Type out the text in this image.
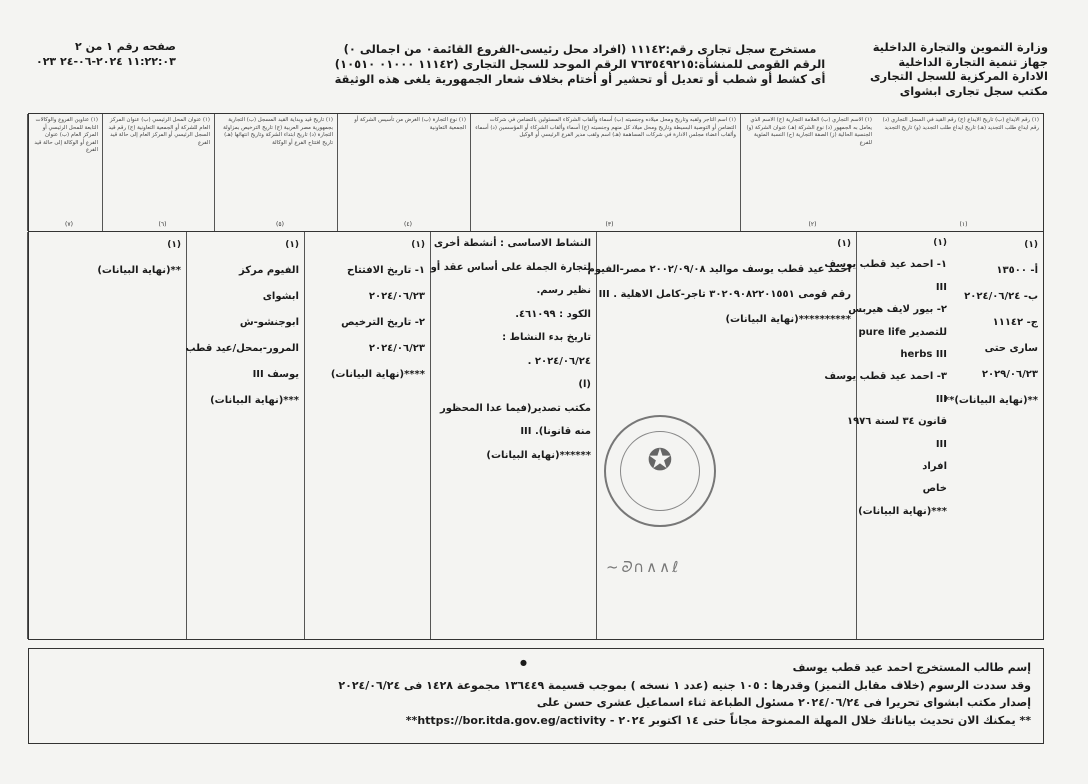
وزارة التموين والتجارة الداخلية
جهاز تنمية التجارة الداخلية
الادارة المركزية للسجل التجارى
مكتب سجل تجارى ابشواى
مستخرج سجل تجارى رقم:١١١٤٢ (افراد محل رئيسى-الفروع القائمة٠ من اجمالى ٠)
الرقم القومى للمنشأة:٧٦٣٥٤٩٢١٥ الرقم الموحد للسجل التجارى (١١١٤٢ ٠١٠٠٠ ١٠٥١٠)
أى كشط أو شطب أو تعديل أو تحشير أو أختام بخلاف شعار الجمهورية يلغى هذه الوثيقة
صفحه رقم ١ من ٢
١١:٢٢:٠٣ ٢٠٢٤-٠٦-٢٤ ٠٢٣
(١) رقم الايداع (ب) تاريخ الايداع (ج) رقم القيد في السجل التجاري (د) رقم ايداع طلب التجديد (هـ) تاريخ ايداع طلب التجديد (و) تاريخ التجديد
(١)
(١) الاسم التجاري (ب) العلامة التجارية (ج) الاسم الذي يعامل به الجمهور (د) نوع الشركة (هـ) عنوان الشركة (و) الجنسية الحالية (ز) الصفة التجارية (ح) النسبة المئوية للفرع
(٢)
(١) اسم التاجر ولقبه وتاريخ ومحل ميلاده وجنسيته (ب) أسماء وألقاب الشركاء المسئولين بالتضامن في شركات التضامن أو التوصية البسيطة وتاريخ ومحل ميلاد كل منهم وجنسيته (ج) أسماء وألقاب الشركاء أو المؤسسين (د) أسماء وألقاب أعضاء مجلس الادارة في شركات المساهمة (هـ) اسم ولقب مدير الفرع الرئيسي أو الوكيل
(٣)
(١) نوع التجارة (ب) الغرض من تأسيس الشركة أو الجمعية التعاونية
(٤)
(١) تاريخ قيد وبداية القيد المسجل (ب) التجارية بجمهورية مصر العربية (ج) تاريخ الترخيص بمزاولة التجارة (د) تاريخ ابتداء الشركة وتاريخ انتهائها (هـ) تاريخ افتتاح الفرع أو الوكالة
(٥)
(١) عنوان المحل الرئيسي (ب) عنوان المركز العام للشركة أو الجمعية التعاونية (ج) رقم قيد السجل الرئيسي أو المركز العام إلى حالة قيد الفرع
(٦)
(١) عناوين الفروع والوكالات التابعة للمحل الرئيسي أو المركز العام (ب) عنوان الفرع أو الوكالة إلى حالة قيد الفرع
(٧)
(١)
أ- ١٣٥٠٠
ب- ٢٠٢٤/٠٦/٢٤
ج- ١١١٤٢
سارى حتى
٢٠٢٩/٠٦/٢٣
**(نهاية البيانات)**
(١)
١- احمد عيد قطب يوسف
III
٢- بيور لايف هيربس
للتصدير pure life
herbs III
٣- احمد عيد قطب يوسف
III
قانون ٣٤ لسنة ١٩٧٦
III
افراد
خاص
***(نهاية البيانات)
(١)
احمد عيد قطب يوسف مواليد ٢٠٠٢/٠٩/٠٨ مصر-الفيوم
رقم قومى ٣٠٢٠٩٠٨٢٢٠١٥٥١ تاجر-كامل الاهلية . III
**********(نهاية البيانات)
النشاط الاساسى : أنشطة أخرى
لتجارة الجملة على أساس عقد أو
نظير رسم.
الكود : ٤٦١٠٩٩.
تاريخ بدء النشاط :
٢٠٢٤/٠٦/٢٤ .
(ا)
مكتب تصدير(فيما عدا المحظور
منه قانونا). III
******(نهاية البيانات)
(١)
١- تاريخ الافتتاح
٢٠٢٤/٠٦/٢٣
٢- تاريخ الترخيص
٢٠٢٤/٠٦/٢٣
****(نهاية البيانات)
(١)
الفيوم مركز
ابشواى
ابوجنشو-ش
المرور-بمحل/عيد قطب
يوسف III
***(نهاية البيانات)
(١)
**(نهاية البيانات)
✪
~ᘐ∩∧∧ℓ
●	إسم طالب المستخرج احمد عيد قطب يوسف
وقد سددت الرسوم (خلاف مقابل التميز) وقدرها : ١٠٥ جنيه (عدد ١ نسخه ) بموجب قسيمة ١٣٦٤٤٩ مجموعة ١٤٢٨ فى ٢٠٢٤/٠٦/٢٤
إصدار مكتب ابشواى تحريرا فى ٢٠٢٤/٠٦/٢٤ مسئول الطباعة ثناء اسماعيل عشرى حسن على
** يمكنك الان تحديث بياناتك خلال المهلة الممنوحة مجاناً حتى ١٤ اكتوبر ٢٠٢٤ - https://bor.itda.gov.eg/activity**
